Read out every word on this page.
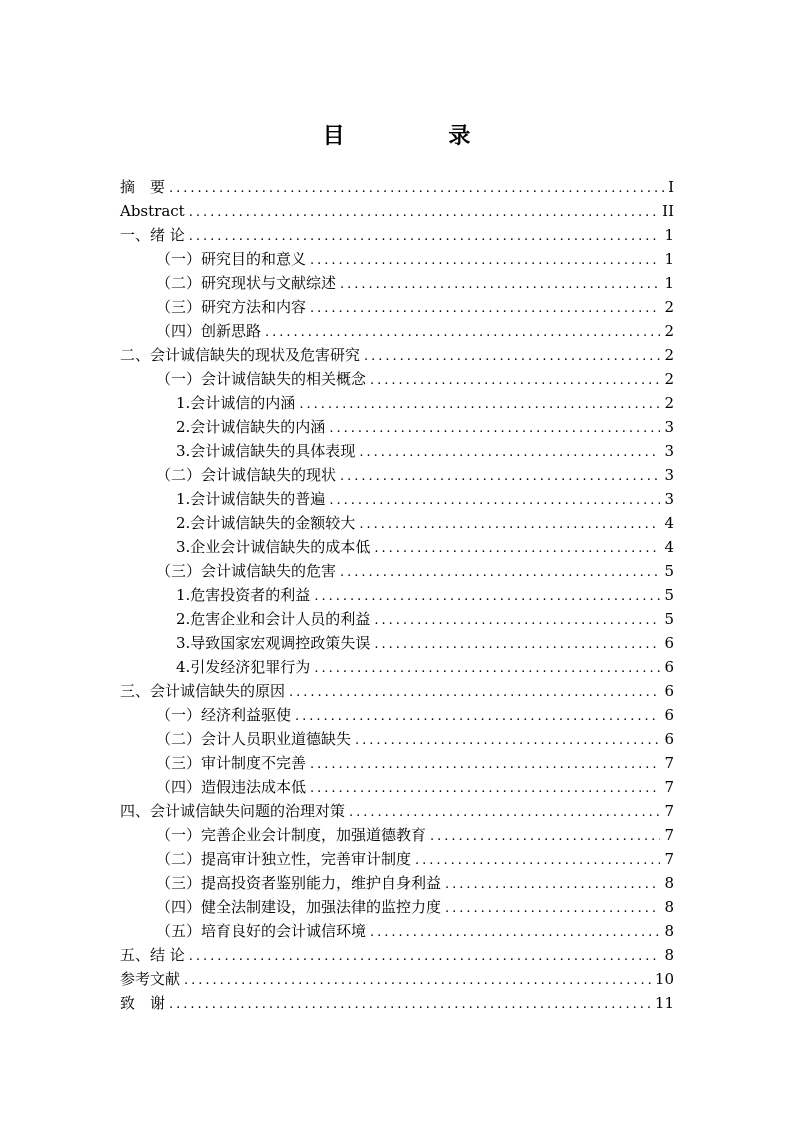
目 录
摘　要 .....	I
Abstract .....	II
一、绪 论 .....	1
（一）研究目的和意义 .....	1
（二）研究现状与文献综述 .....	1
（三）研究方法和内容 .....	2
（四）创新思路 .....	2
二、会计诚信缺失的现状及危害研究 .....	2
（一）会计诚信缺失的相关概念 .....	2
1.会计诚信的内涵 .....	2
2.会计诚信缺失的内涵 .....	3
3.会计诚信缺失的具体表现 .....	3
（二）会计诚信缺失的现状 .....	3
1.会计诚信缺失的普遍 .....	3
2.会计诚信缺失的金额较大 .....	4
3.企业会计诚信缺失的成本低 .....	4
（三）会计诚信缺失的危害 .....	5
1.危害投资者的利益 .....	5
2.危害企业和会计人员的利益 .....	5
3.导致国家宏观调控政策失误 .....	6
4.引发经济犯罪行为 .....	6
三、会计诚信缺失的原因 .....	6
（一）经济利益驱使 .....	6
（二）会计人员职业道德缺失 .....	6
（三）审计制度不完善 .....	7
（四）造假违法成本低 .....	7
四、会计诚信缺失问题的治理对策 .....	7
（一）完善企业会计制度，加强道德教育 .....	7
（二）提高审计独立性，完善审计制度 .....	7
（三）提高投资者鉴别能力，维护自身利益 .....	8
（四）健全法制建设，加强法律的监控力度 .....	8
（五）培育良好的会计诚信环境 .....	8
五、结 论 .....	8
参考文献 .....	10
致　谢 .....	11
